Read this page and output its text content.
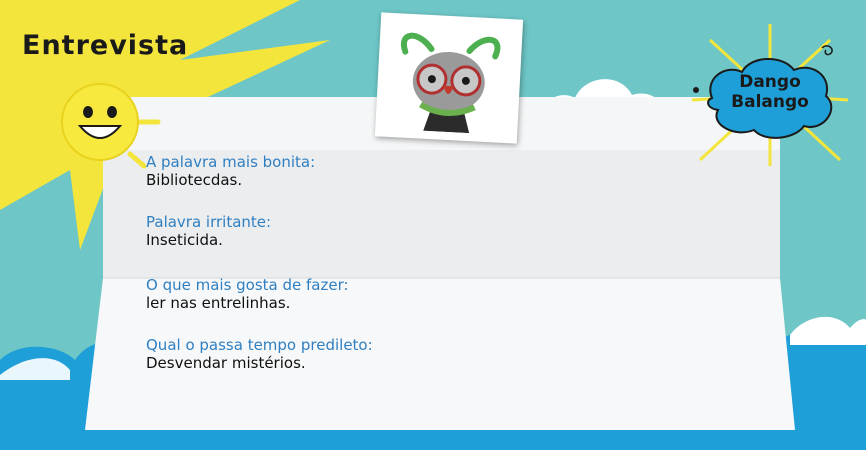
Entrevista
Dango
Balango
A palavra mais bonita:
Bibliotecdas.
Palavra irritante:
Inseticida.
O que mais gosta de fazer:
ler nas entrelinhas.
Qual o passa tempo predileto:
Desvendar mistérios.
